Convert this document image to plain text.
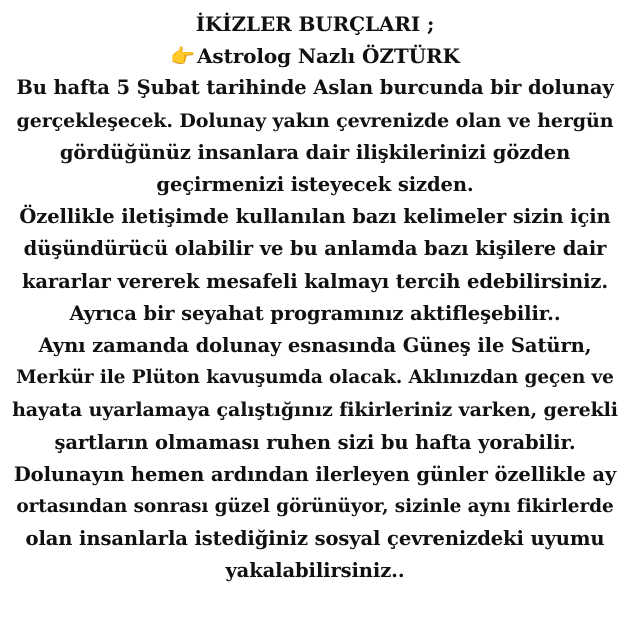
İKİZLER BURÇLARI ;
👉 Astrolog Nazlı ÖZTÜRK
Bu hafta 5 Şubat tarihinde Aslan burcunda bir dolunay
gerçekleşecek. Dolunay yakın çevrenizde olan ve hergün
gördüğünüz insanlara dair ilişkilerinizi gözden
geçirmenizi isteyecek sizden.
Özellikle iletişimde kullanılan bazı kelimeler sizin için
düşündürücü olabilir ve bu anlamda bazı kişilere dair
kararlar vererek mesafeli kalmayı tercih edebilirsiniz.
Ayrıca bir seyahat programınız aktifleşebilir..
Aynı zamanda dolunay esnasında Güneş ile Satürn,
Merkür ile Plüton kavuşumda olacak. Aklınızdan geçen ve
hayata uyarlamaya çalıştığınız fikirleriniz varken, gerekli
şartların olmaması ruhen sizi bu hafta yorabilir.
Dolunayın hemen ardından ilerleyen günler özellikle ay
ortasından sonrası güzel görünüyor, sizinle aynı fikirlerde
olan insanlarla istediğiniz sosyal çevrenizdeki uyumu
yakalabilirsiniz..
